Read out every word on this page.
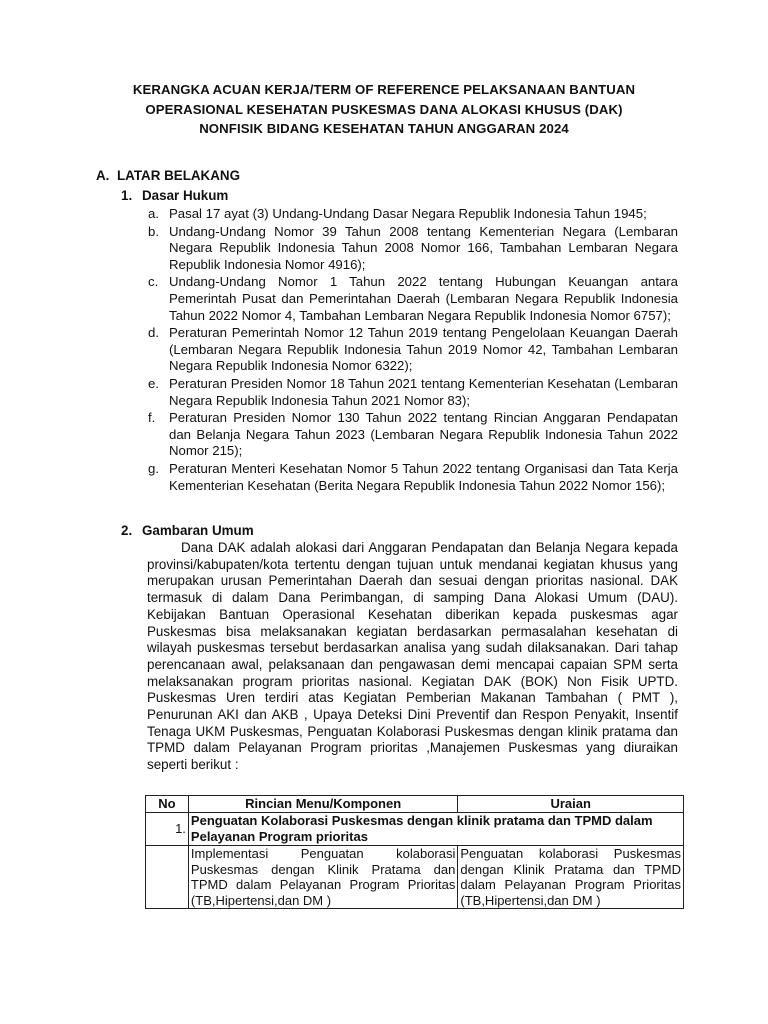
KERANGKA ACUAN KERJA/TERM OF REFERENCE PELAKSANAAN BANTUAN
OPERASIONAL KESEHATAN PUSKESMAS DANA ALOKASI KHUSUS (DAK)
NONFISIK BIDANG KESEHATAN TAHUN ANGGARAN 2024
A. LATAR BELAKANG
1. Dasar Hukum
a. Pasal 17 ayat (3) Undang-Undang Dasar Negara Republik Indonesia Tahun 1945;
b. Undang-Undang Nomor 39 Tahun 2008 tentang Kementerian Negara (Lembaran Negara Republik Indonesia Tahun 2008 Nomor 166, Tambahan Lembaran Negara Republik Indonesia Nomor 4916);
c. Undang-Undang Nomor 1 Tahun 2022 tentang Hubungan Keuangan antara Pemerintah Pusat dan Pemerintahan Daerah (Lembaran Negara Republik Indonesia Tahun 2022 Nomor 4, Tambahan Lembaran Negara Republik Indonesia Nomor 6757);
d. Peraturan Pemerintah Nomor 12 Tahun 2019 tentang Pengelolaan Keuangan Daerah (Lembaran Negara Republik Indonesia Tahun 2019 Nomor 42, Tambahan Lembaran Negara Republik Indonesia Nomor 6322);
e. Peraturan Presiden Nomor 18 Tahun 2021 tentang Kementerian Kesehatan (Lembaran Negara Republik Indonesia Tahun 2021 Nomor 83);
f. Peraturan Presiden Nomor 130 Tahun 2022 tentang Rincian Anggaran Pendapatan dan Belanja Negara Tahun 2023 (Lembaran Negara Republik Indonesia Tahun 2022 Nomor 215);
g. Peraturan Menteri Kesehatan Nomor 5 Tahun 2022 tentang Organisasi dan Tata Kerja Kementerian Kesehatan (Berita Negara Republik Indonesia Tahun 2022 Nomor 156);
2. Gambaran Umum

Dana DAK adalah alokasi dari Anggaran Pendapatan dan Belanja Negara kepada provinsi/kabupaten/kota tertentu dengan tujuan untuk mendanai kegiatan khusus yang merupakan urusan Pemerintahan Daerah dan sesuai dengan prioritas nasional. DAK termasuk di dalam Dana Perimbangan, di samping Dana Alokasi Umum (DAU). Kebijakan Bantuan Operasional Kesehatan diberikan kepada puskesmas agar Puskesmas bisa melaksanakan kegiatan berdasarkan permasalahan kesehatan di wilayah puskesmas tersebut berdasarkan analisa yang sudah dilaksanakan. Dari tahap perencanaan awal, pelaksanaan dan pengawasan demi mencapai capaian SPM serta melaksanakan program prioritas nasional. Kegiatan DAK (BOK) Non Fisik UPTD. Puskesmas Uren terdiri atas Kegiatan Pemberian Makanan Tambahan ( PMT ), Penurunan AKI dan AKB , Upaya Deteksi Dini Preventif dan Respon Penyakit, Insentif Tenaga UKM Puskesmas, Penguatan Kolaborasi Puskesmas dengan klinik pratama dan TPMD dalam Pelayanan Program prioritas ,Manajemen Puskesmas yang diuraikan seperti berikut :

No	Rincian Menu/Komponen	Uraian
1.	Penguatan Kolaborasi Puskesmas dengan klinik pratama dan TPMD dalam Pelayanan Program prioritas	
	Implementasi Penguatan kolaborasi Puskesmas dengan Klinik Pratama dan TPMD dalam Pelayanan Program Prioritas (TB,Hipertensi,dan DM )	Penguatan kolaborasi Puskesmas dengan Klinik Pratama dan TPMD dalam Pelayanan Program Prioritas (TB,Hipertensi,dan DM )
